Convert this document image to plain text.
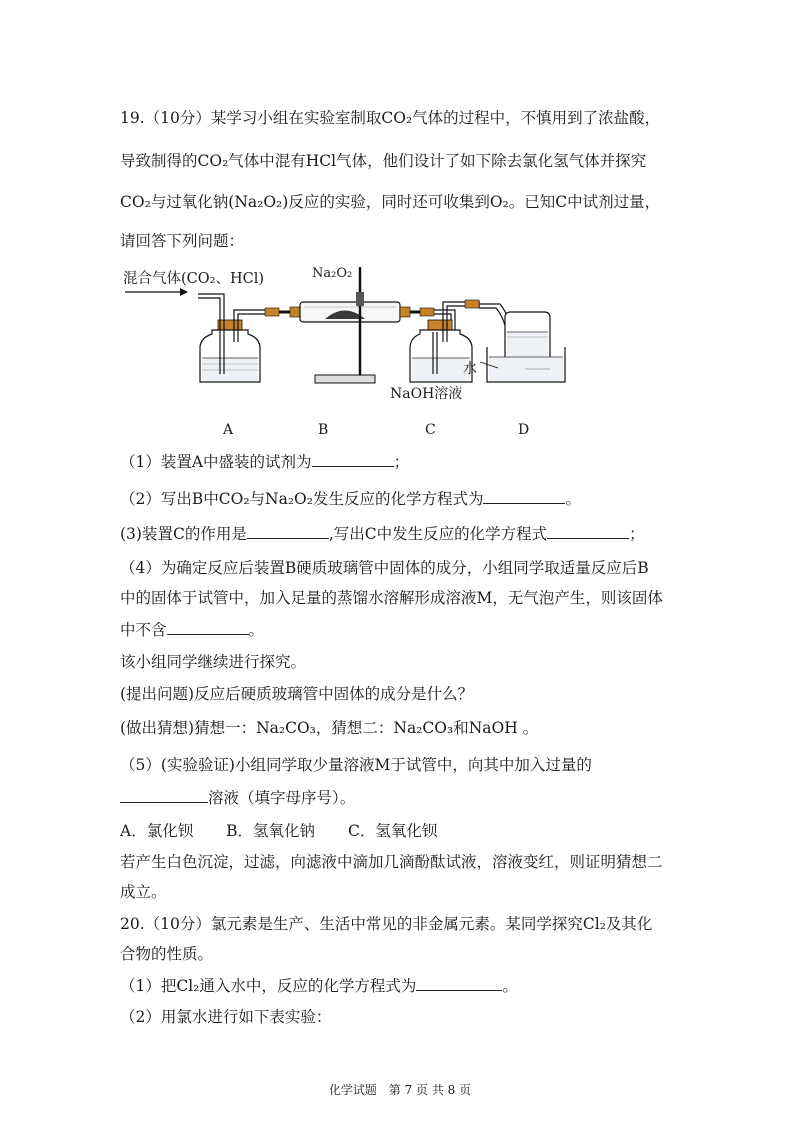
19.（10分）某学习小组在实验室制取CO₂气体的过程中，不慎用到了浓盐酸，
导致制得的CO₂气体中混有HCl气体，他们设计了如下除去氯化氢气体并探究
CO₂与过氧化钠(Na₂O₂)反应的实验，同时还可收集到O₂。已知C中试剂过量，
请回答下列问题：
混合气体(CO₂、HCl)	Na₂O₂
NaOH溶液
水
A	B	C	D
（1）装置A中盛装的试剂为	；
（2）写出B中CO₂与Na₂O₂发生反应的化学方程式为	。
(3)装置C的作用是	,写出C中发生反应的化学方程式	；
（4）为确定反应后装置B硬质玻璃管中固体的成分，小组同学取适量反应后B
中的固体于试管中，加入足量的蒸馏水溶解形成溶液M，无气泡产生，则该固体
中不含	。
该小组同学继续进行探究。
(提出问题)反应后硬质玻璃管中固体的成分是什么？
(做出猜想)猜想一：Na₂CO₃，猜想二：Na₂CO₃和NaOH 。
（5）(实验验证)小组同学取少量溶液M于试管中，向其中加入过量的
溶液（填字母序号）。
A．氯化钡 B．氢氧化钠 C．氢氧化钡
若产生白色沉淀，过滤，向滤液中滴加几滴酚酞试液，溶液变红，则证明猜想二
成立。
20.（10分）氯元素是生产、生活中常见的非金属元素。某同学探究Cl₂及其化
合物的性质。
（1）把Cl₂通入水中，反应的化学方程式为	。
（2）用氯水进行如下表实验：
化学试题 第 7 页 共 8 页
